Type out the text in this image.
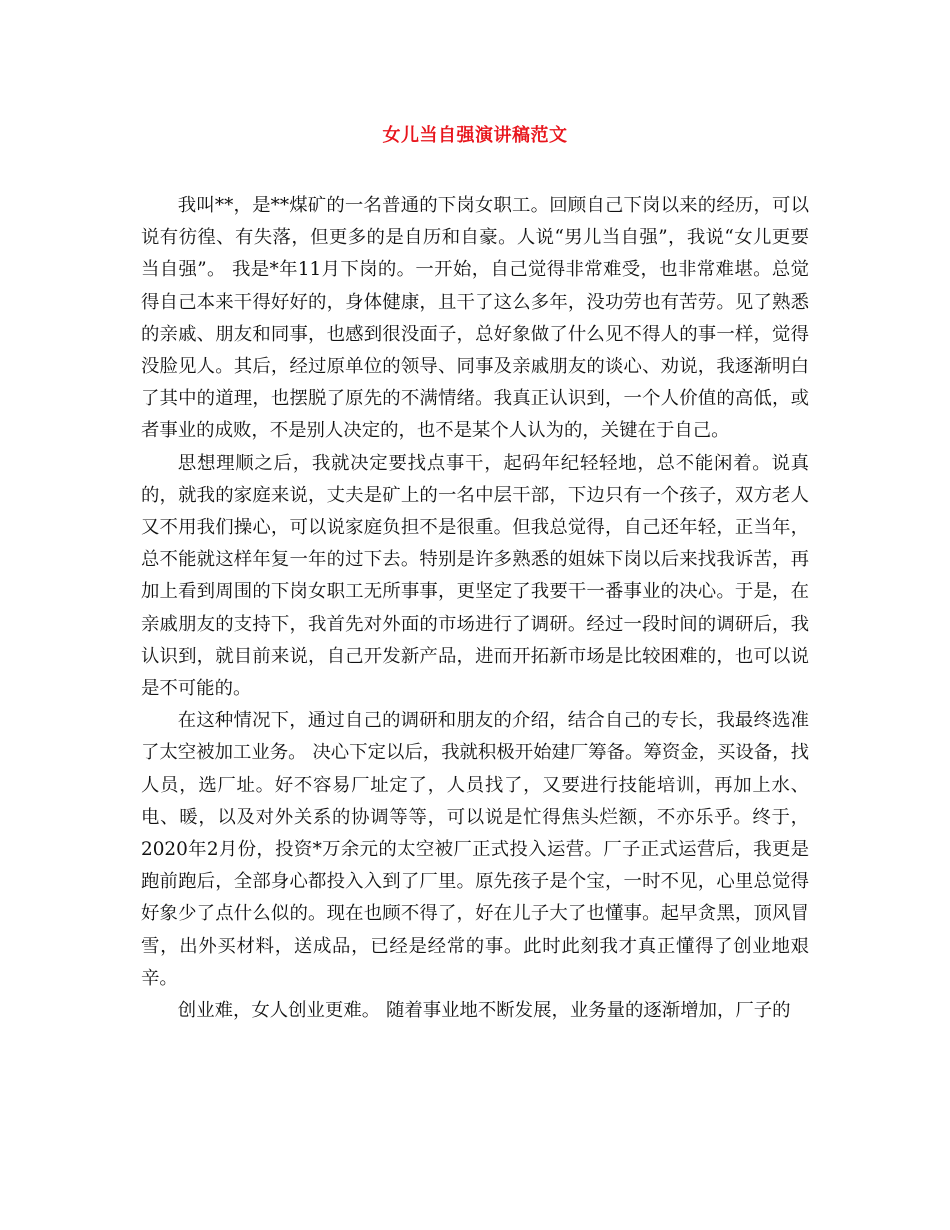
女儿当自强演讲稿范文

我叫**，是**煤矿的一名普通的下岗女职工。回顾自己下岗以来的经历，可以说有彷徨、有失落，但更多的是自历和自豪。人说“男儿当自强”，我说“女儿更要当自强”。 我是*年11月下岗的。一开始，自己觉得非常难受，也非常难堪。总觉得自己本来干得好好的，身体健康，且干了这么多年，没功劳也有苦劳。见了熟悉的亲戚、朋友和同事，也感到很没面子，总好象做了什么见不得人的事一样，觉得没脸见人。其后，经过原单位的领导、同事及亲戚朋友的谈心、劝说，我逐渐明白了其中的道理，也摆脱了原先的不满情绪。我真正认识到，一个人价值的高低，或者事业的成败，不是别人决定的，也不是某个人认为的，关键在于自己。

思想理顺之后，我就决定要找点事干，起码年纪轻轻地，总不能闲着。说真的，就我的家庭来说，丈夫是矿上的一名中层干部，下边只有一个孩子，双方老人又不用我们操心，可以说家庭负担不是很重。但我总觉得，自己还年轻，正当年，总不能就这样年复一年的过下去。特别是许多熟悉的姐妹下岗以后来找我诉苦，再加上看到周围的下岗女职工无所事事，更坚定了我要干一番事业的决心。于是，在亲戚朋友的支持下，我首先对外面的市场进行了调研。经过一段时间的调研后，我认识到，就目前来说，自己开发新产品，进而开拓新市场是比较困难的，也可以说是不可能的。

在这种情况下，通过自己的调研和朋友的介绍，结合自己的专长，我最终选准了太空被加工业务。 决心下定以后，我就积极开始建厂筹备。筹资金，买设备，找人员，选厂址。好不容易厂址定了，人员找了，又要进行技能培训，再加上水、电、暖，以及对外关系的协调等等，可以说是忙得焦头烂额，不亦乐乎。终于，2020年2月份，投资*万余元的太空被厂正式投入运营。厂子正式运营后，我更是跑前跑后，全部身心都投入入到了厂里。原先孩子是个宝，一时不见，心里总觉得好象少了点什么似的。现在也顾不得了，好在儿子大了也懂事。起早贪黑，顶风冒雪，出外买材料，送成品，已经是经常的事。此时此刻我才真正懂得了创业地艰辛。

创业难，女人创业更难。 随着事业地不断发展，业务量的逐渐增加，厂子的
